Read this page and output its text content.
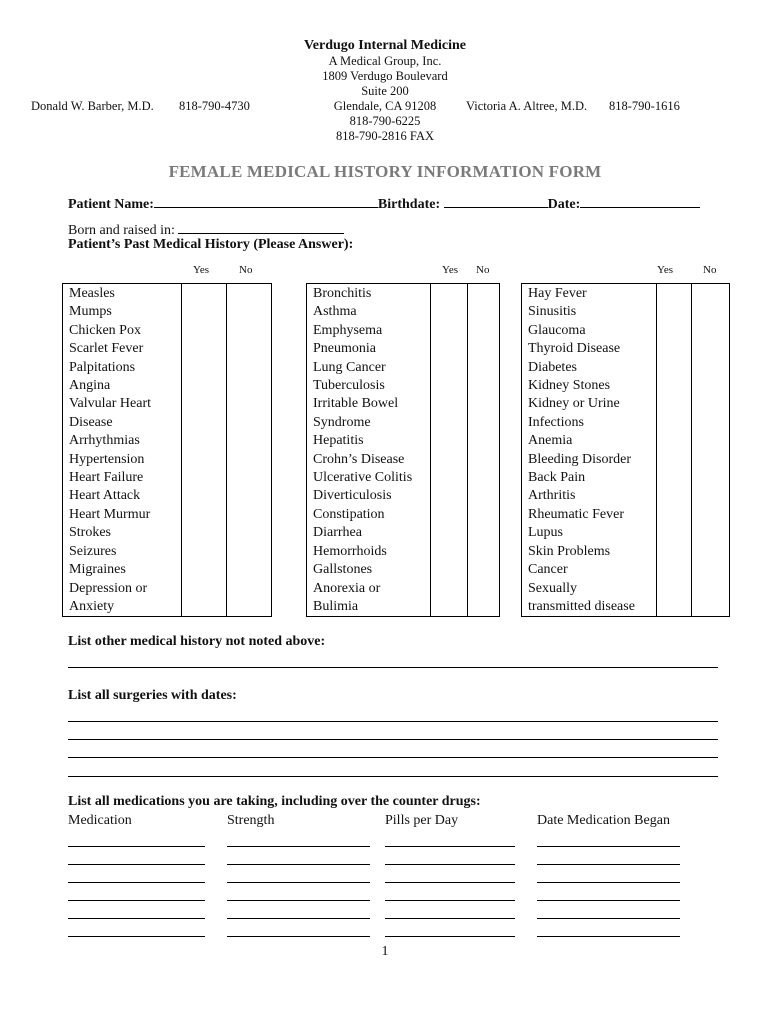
Verdugo Internal Medicine
A Medical Group, Inc.
1809 Verdugo Boulevard
Suite 200
Glendale, CA 91208
818-790-6225
818-790-2816 FAX
Donald W. Barber, M.D. 818-790-4730	Victoria A. Altree, M.D. 818-790-1616
FEMALE MEDICAL HISTORY INFORMATION FORM
Patient Name:	Birthdate:	Date:
Born and raised in:
Patient’s Past Medical History (Please Answer):
Yes	No	Yes No	Yes	No
Measles
Mumps
Chicken Pox
Scarlet Fever
Palpitations
Angina
Valvular Heart
Disease
Arrhythmias
Hypertension
Heart Failure
Heart Attack
Heart Murmur
Strokes
Seizures
Migraines
Depression or
Anxiety		
Bronchitis
Asthma
Emphysema
Pneumonia
Lung Cancer
Tuberculosis
Irritable Bowel
Syndrome
Hepatitis
Crohn’s Disease
Ulcerative Colitis
Diverticulosis
Constipation
Diarrhea
Hemorrhoids
Gallstones
Anorexia or
Bulimia		
Hay Fever
Sinusitis
Glaucoma
Thyroid Disease
Diabetes
Kidney Stones
Kidney or Urine
Infections
Anemia
Bleeding Disorder
Back Pain
Arthritis
Rheumatic Fever
Lupus
Skin Problems
Cancer
Sexually
transmitted disease		
List other medical history not noted above:
List all surgeries with dates:
List all medications you are taking, including over the counter drugs:
Medication	Strength	Pills per Day	Date Medication Began
1
